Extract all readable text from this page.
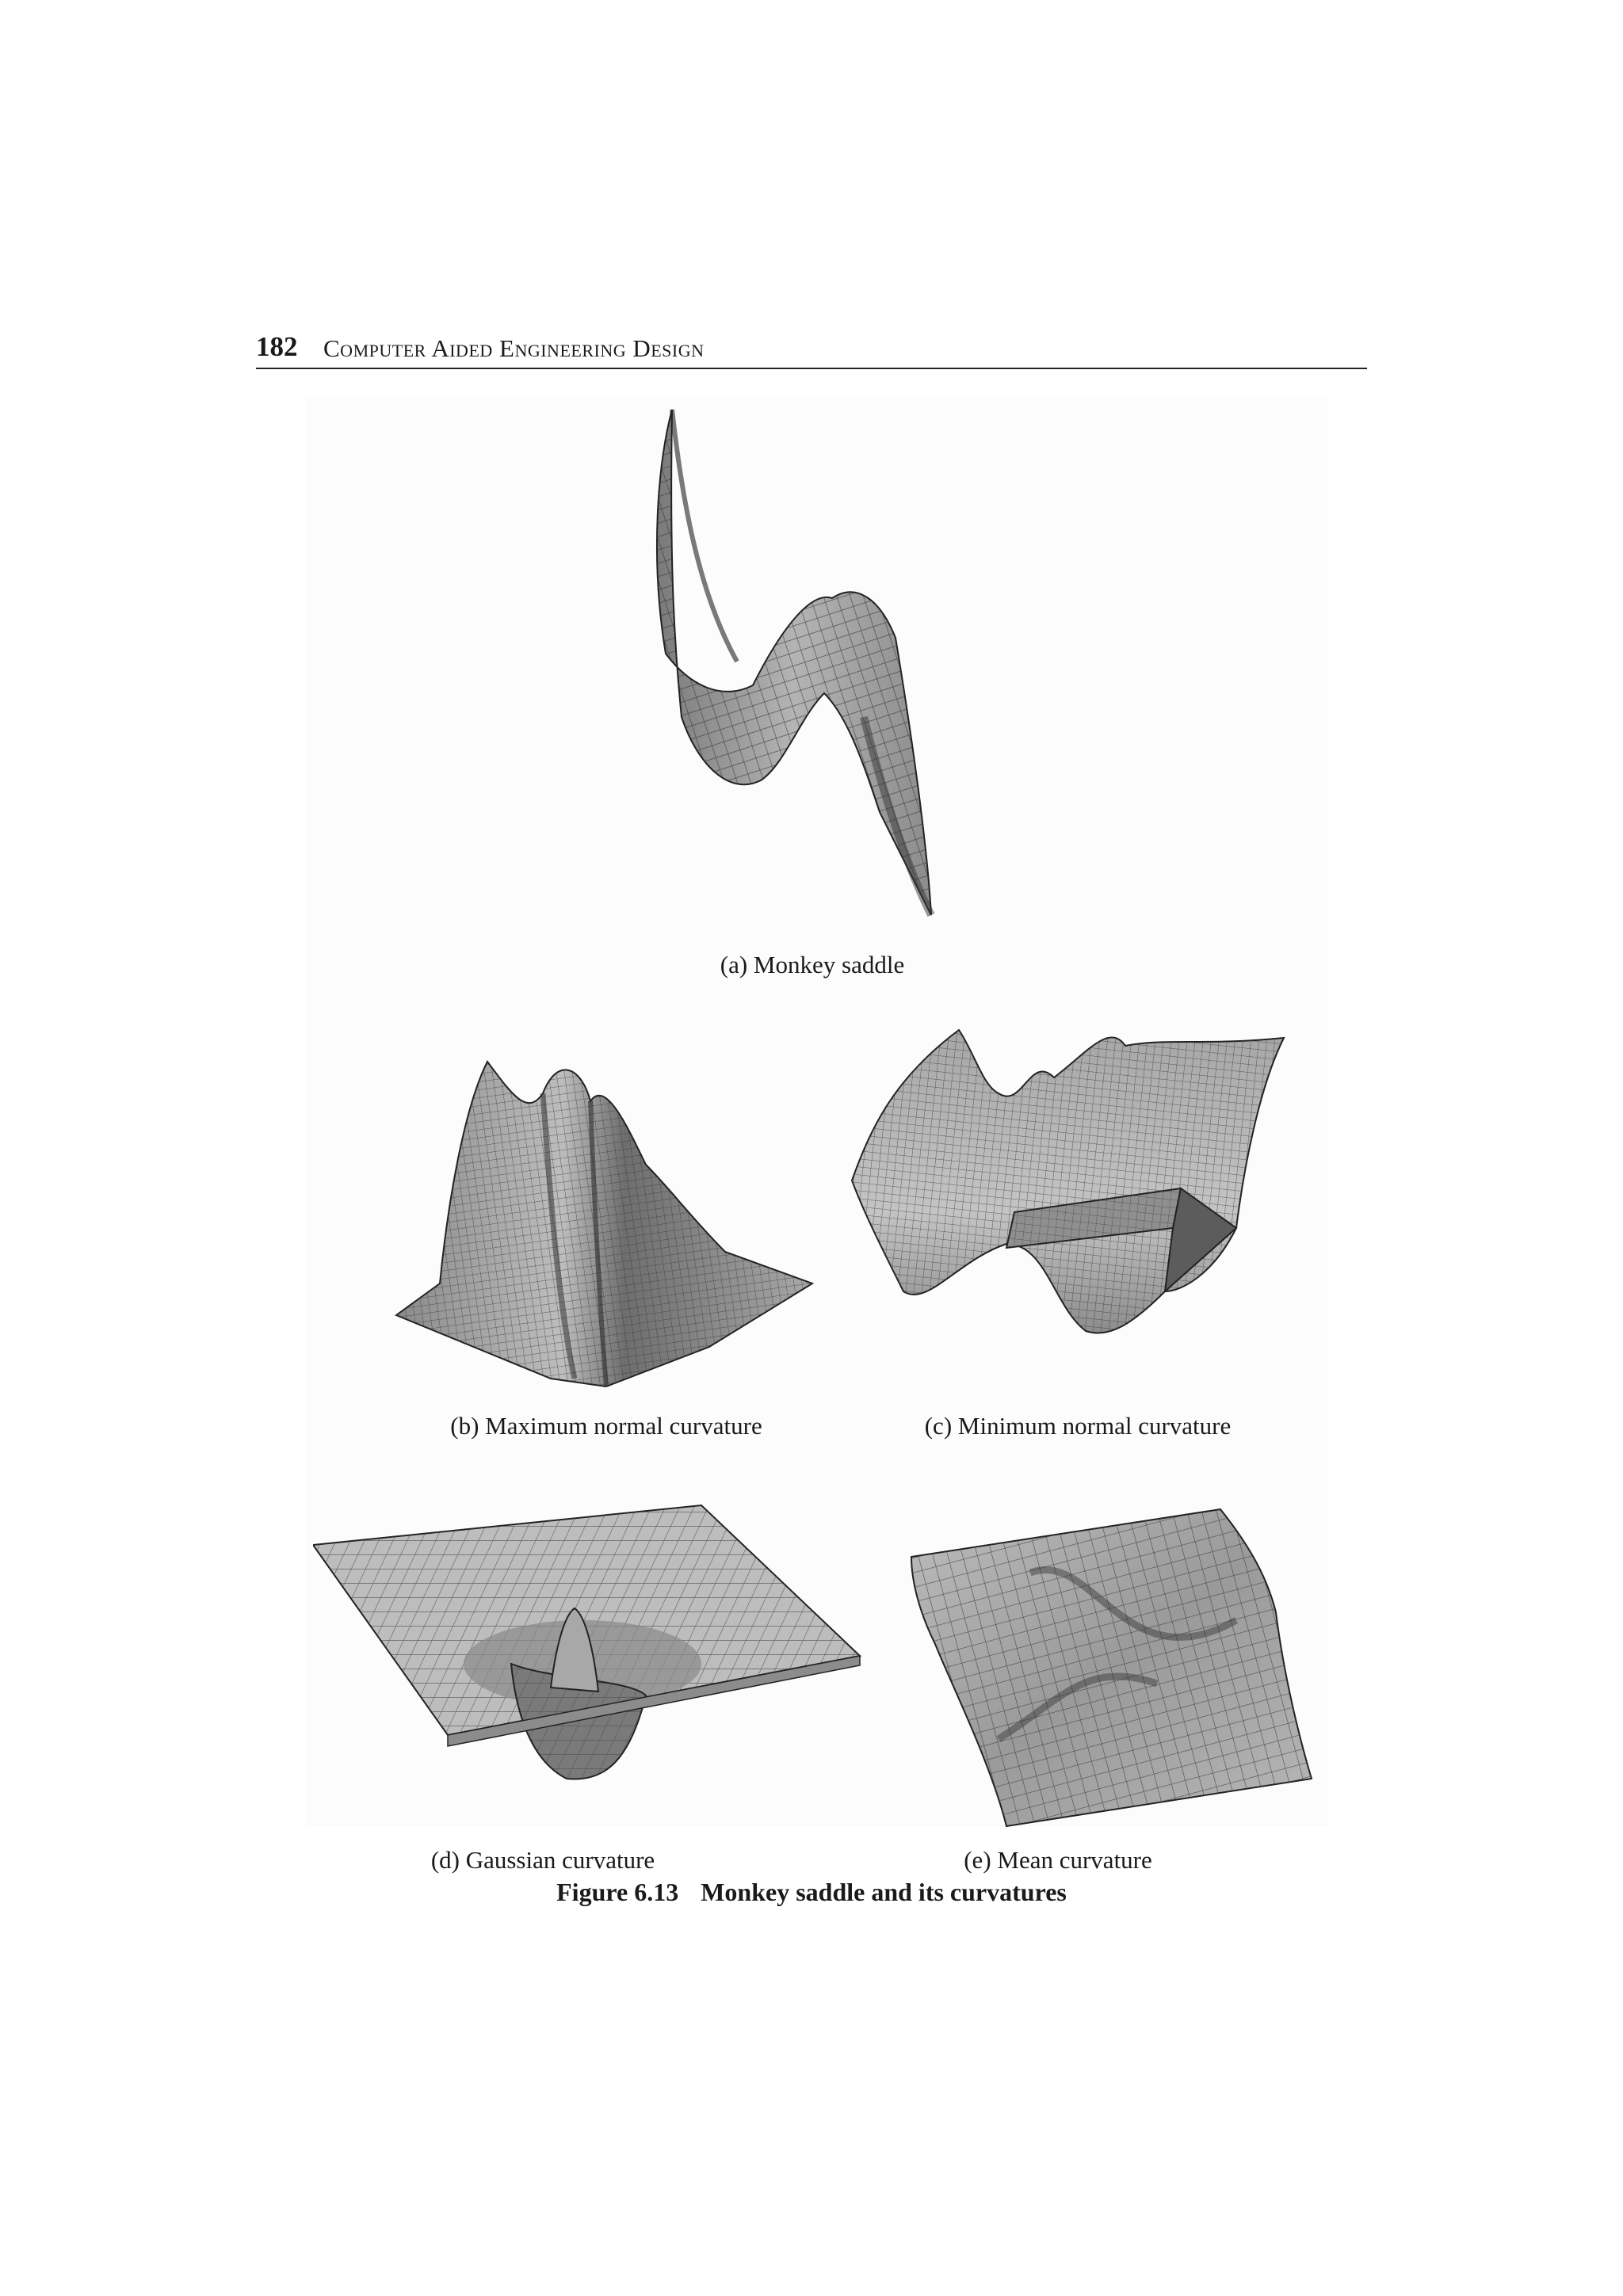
182 Computer Aided Engineering Design
(a) Monkey saddle
(b) Maximum normal curvature	(c) Minimum normal curvature
(d) Gaussian curvature	(e) Mean curvature
Figure 6.13 Monkey saddle and its curvatures
